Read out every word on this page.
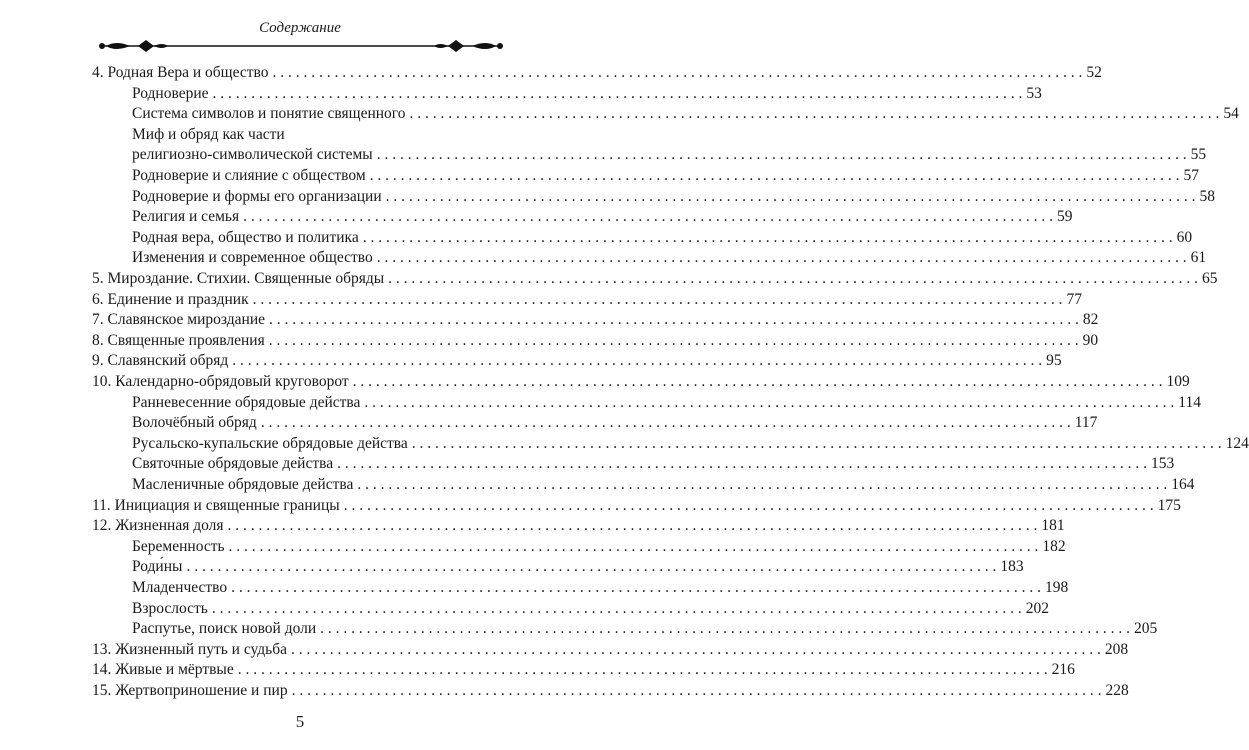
Содержание
4. Родная Вера и общество . . .	52
Родноверие . . .	53
Система символов и понятие священного . . .	54
Миф и обряд как части
религиозно-символической системы . . .	55
Родноверие и слияние с обществом . . .	57
Родноверие и формы его организации . . .	58
Религия и семья . . .	59
Родная вера, общество и политика . . .	60
Изменения и современное общество . . .	61
5. Мироздание. Стихии. Священные обряды . . .	65
6. Единение и праздник . . .	77
7. Славянское мироздание . . .	82
8. Священные проявления . . .	90
9. Славянский обряд . . .	95
10. Календарно-обрядовый круговорот . . .	109
Ранневесенние обрядовые действа . . .	114
Волочёбный обряд . . .	117
Русальско-купальские обрядовые действа . . .	124
Святочные обрядовые действа . . .	153
Масленичные обрядовые действа . . .	164
11. Инициация и священные границы . . .	175
12. Жизненная доля . . .	181
Беременность . . .	182
Роди́ны . . .	183
Младенчество . . .	198
Взрослость . . .	202
Распутье, поиск новой доли . . .	205
13. Жизненный путь и судьба . . .	208
14. Живые и мёртвые . . .	216
15. Жертвоприношение и пир . . .	228
5
